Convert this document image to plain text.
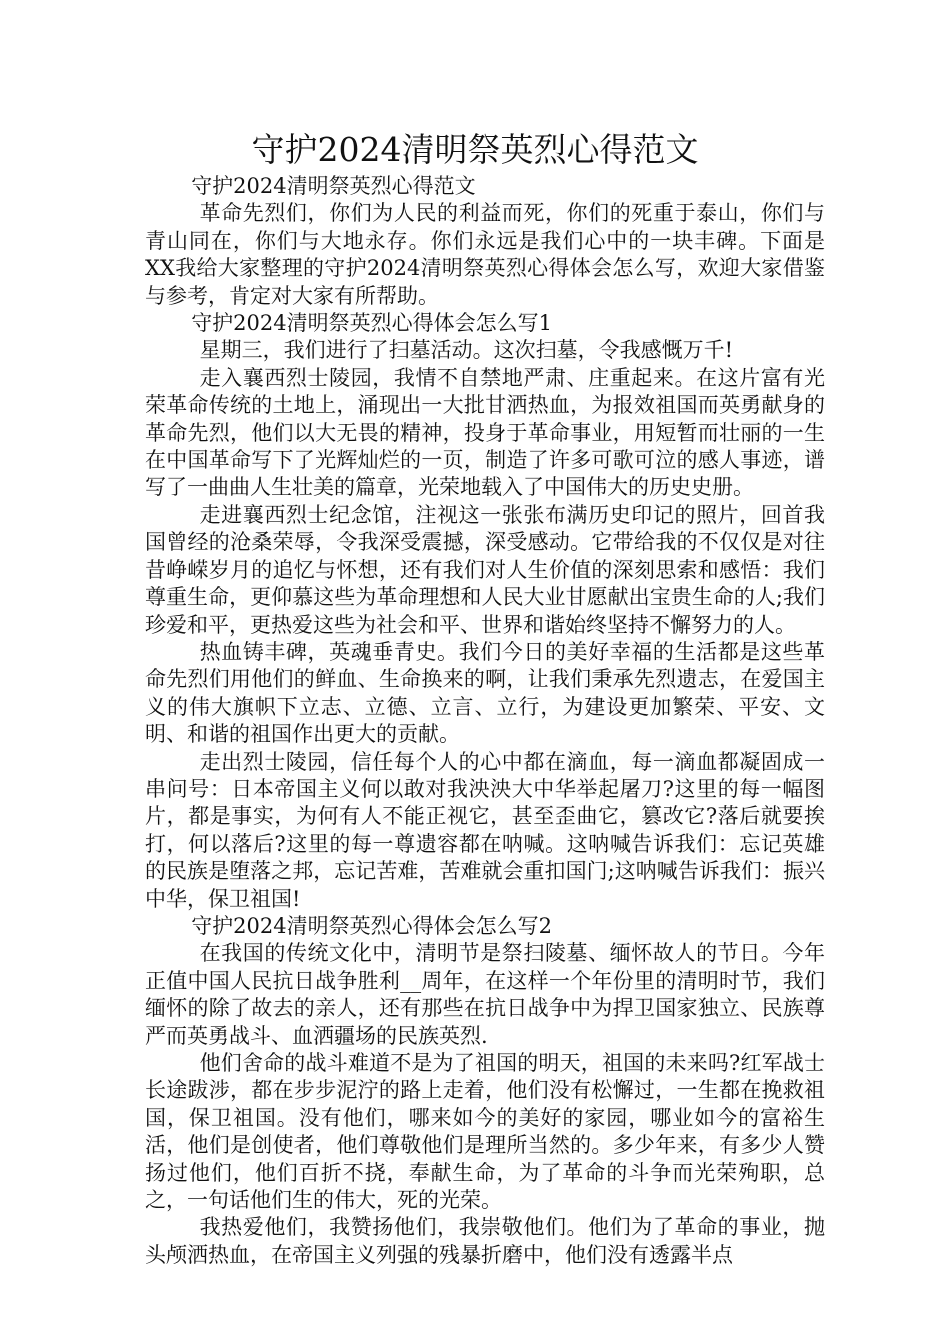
守护2024清明祭英烈心得范文

守护2024清明祭英烈心得范文

革命先烈们，你们为人民的利益而死，你们的死重于泰山，你们与青山同在，你们与大地永存。你们永远是我们心中的一块丰碑。下面是XX我给大家整理的守护2024清明祭英烈心得体会怎么写，欢迎大家借鉴与参考，肯定对大家有所帮助。

守护2024清明祭英烈心得体会怎么写1

星期三，我们进行了扫墓活动。这次扫墓，令我感慨万千!

走入襄西烈士陵园，我情不自禁地严肃、庄重起来。在这片富有光荣革命传统的土地上，涌现出一大批甘洒热血，为报效祖国而英勇献身的革命先烈，他们以大无畏的精神，投身于革命事业，用短暂而壮丽的一生在中国革命写下了光辉灿烂的一页，制造了许多可歌可泣的感人事迹，谱写了一曲曲人生壮美的篇章，光荣地载入了中国伟大的历史史册。

走进襄西烈士纪念馆，注视这一张张布满历史印记的照片，回首我国曾经的沧桑荣辱，令我深受震撼，深受感动。它带给我的不仅仅是对往昔峥嵘岁月的追忆与怀想，还有我们对人生价值的深刻思索和感悟：我们尊重生命，更仰慕这些为革命理想和人民大业甘愿献出宝贵生命的人;我们珍爱和平，更热爱这些为社会和平、世界和谐始终坚持不懈努力的人。

热血铸丰碑，英魂垂青史。我们今日的美好幸福的生活都是这些革命先烈们用他们的鲜血、生命换来的啊，让我们秉承先烈遗志，在爱国主义的伟大旗帜下立志、立德、立言、立行，为建设更加繁荣、平安、文明、和谐的祖国作出更大的贡献。

走出烈士陵园，信任每个人的心中都在滴血，每一滴血都凝固成一串问号：日本帝国主义何以敢对我泱泱大中华举起屠刀?这里的每一幅图片，都是事实，为何有人不能正视它，甚至歪曲它，篡改它?落后就要挨打，何以落后?这里的每一尊遗容都在呐喊。这呐喊告诉我们：忘记英雄的民族是堕落之邦，忘记苦难，苦难就会重扣国门;这呐喊告诉我们：振兴中华，保卫祖国!

守护2024清明祭英烈心得体会怎么写2

在我国的传统文化中，清明节是祭扫陵墓、缅怀故人的节日。今年正值中国人民抗日战争胜利__周年，在这样一个年份里的清明时节，我们缅怀的除了故去的亲人，还有那些在抗日战争中为捍卫国家独立、民族尊严而英勇战斗、血洒疆场的民族英烈.

他们舍命的战斗难道不是为了祖国的明天，祖国的未来吗?红军战士长途跋涉，都在步步泥泞的路上走着，他们没有松懈过，一生都在挽救祖国，保卫祖国。没有他们，哪来如今的美好的家园，哪业如今的富裕生活，他们是创使者，他们尊敬他们是理所当然的。多少年来，有多少人赞扬过他们，他们百折不挠，奉献生命，为了革命的斗争而光荣殉职，总之，一句话他们生的伟大，死的光荣。

我热爱他们，我赞扬他们，我崇敬他们。他们为了革命的事业，抛头颅洒热血，在帝国主义列强的残暴折磨中，他们没有透露半点
